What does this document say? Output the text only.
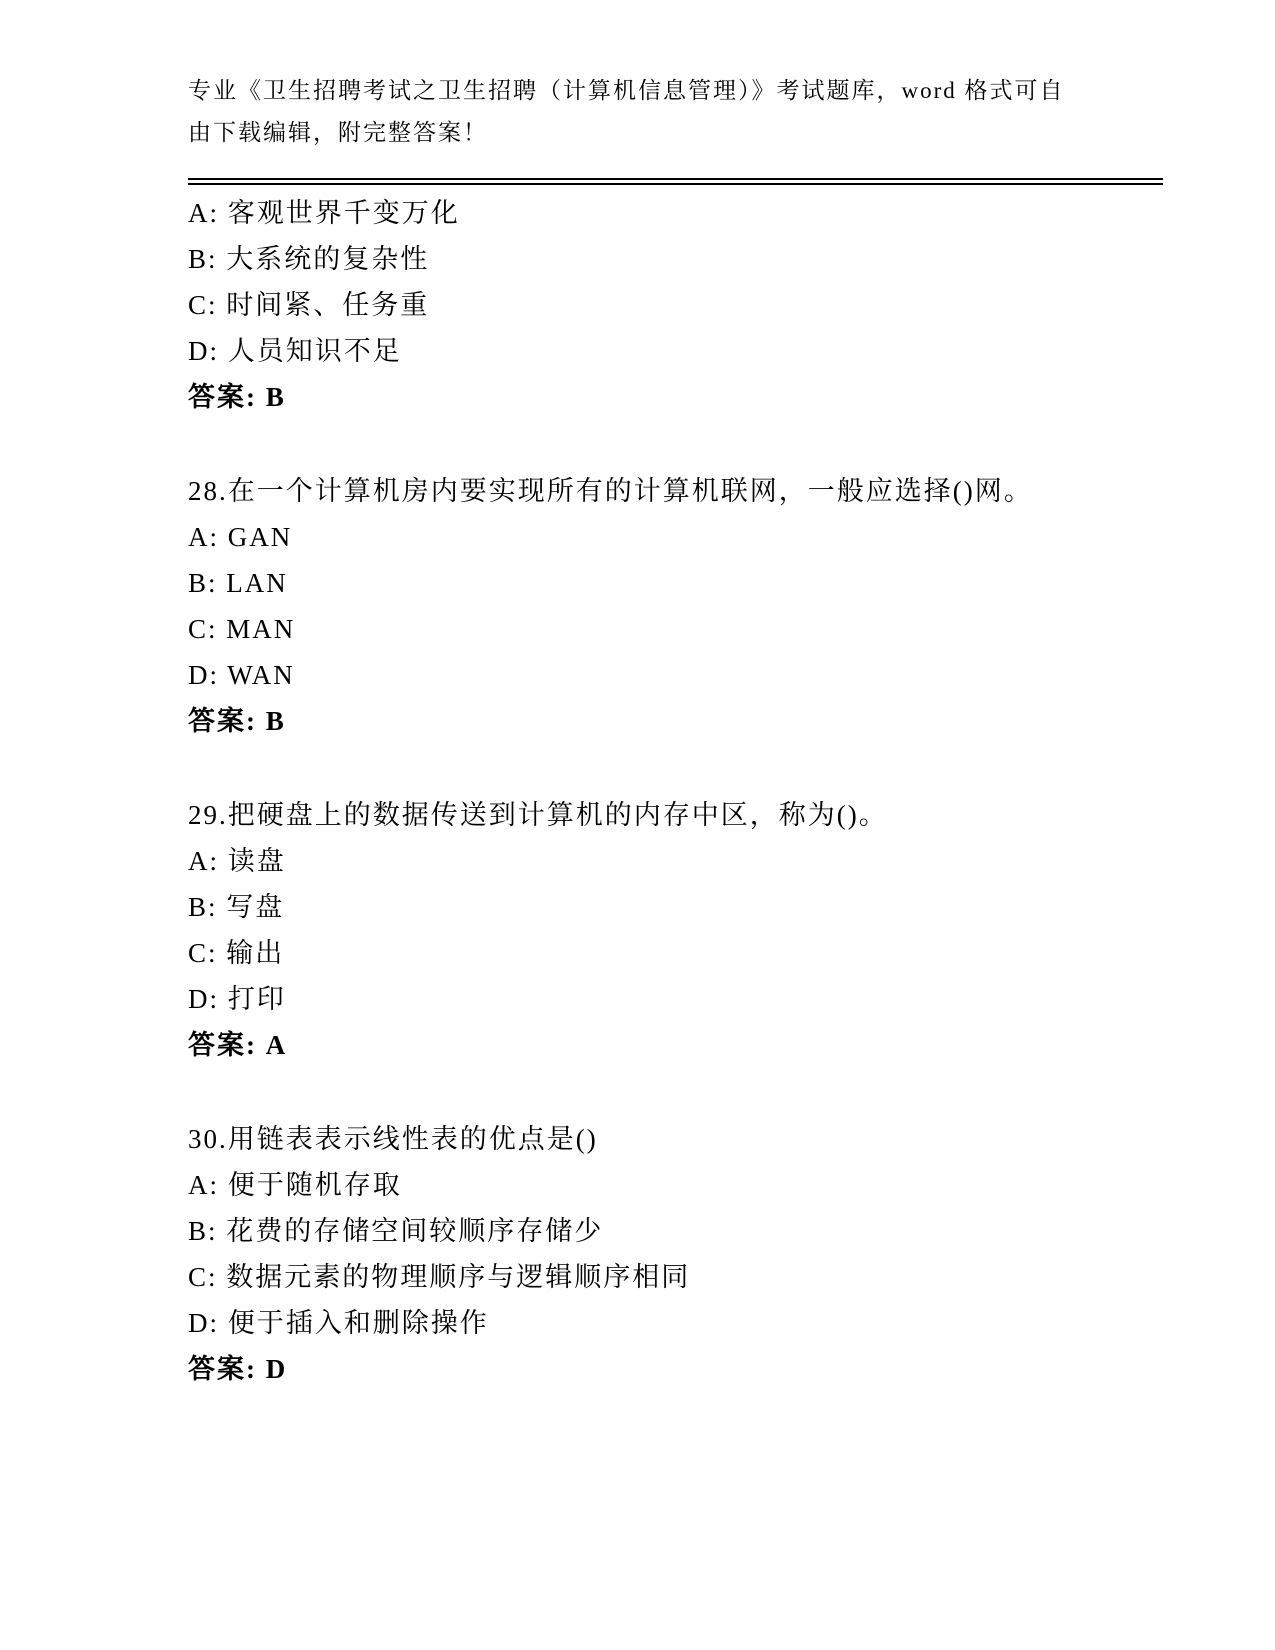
专业《卫生招聘考试之卫生招聘（计算机信息管理）》考试题库，word 格式可自
由下载编辑，附完整答案！

A: 客观世界千变万化

B: 大系统的复杂性

C: 时间紧、任务重

D: 人员知识不足

答案: B

28.在一个计算机房内要实现所有的计算机联网，一般应选择()网。

A: GAN

B: LAN

C: MAN

D: WAN

答案: B

29.把硬盘上的数据传送到计算机的内存中区，称为()。

A: 读盘

B: 写盘

C: 输出

D: 打印

答案: A

30.用链表表示线性表的优点是()

A: 便于随机存取

B: 花费的存储空间较顺序存储少

C: 数据元素的物理顺序与逻辑顺序相同

D: 便于插入和删除操作

答案: D
